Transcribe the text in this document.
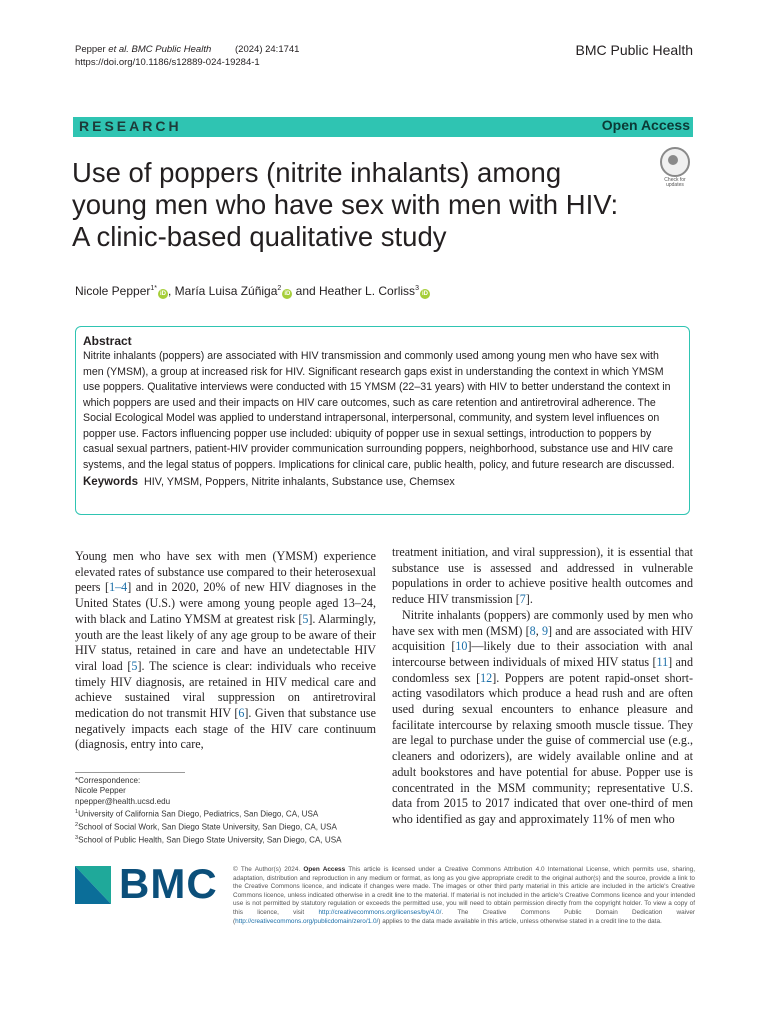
Pepper et al. BMC Public Health	(2024) 24:1741
https://doi.org/10.1186/s12889-024-19284-1
BMC Public Health
RESEARCH	Open Access
Use of poppers (nitrite inhalants) among young men who have sex with men with HIV: A clinic-based qualitative study
Check for
updates
Nicole Pepper$^{1*}$iD , María Luisa Zúñiga$^2$iD and Heather L. Corliss$^3$iD
Abstract

Nitrite inhalants (poppers) are associated with HIV transmission and commonly used among young men who have sex with men (YMSM), a group at increased risk for HIV. Significant research gaps exist in understanding the context in which YMSM use poppers. Qualitative interviews were conducted with 15 YMSM (22–31 years) with HIV to better understand the context in which poppers are used and their impacts on HIV care outcomes, such as care retention and antiretroviral adherence. The Social Ecological Model was applied to understand intrapersonal, interpersonal, community, and system level influences on popper use. Factors influencing popper use included: ubiquity of popper use in sexual settings, introduction to poppers by casual sexual partners, patient-HIV provider communication surrounding poppers, neighborhood, substance use and HIV care systems, and the legal status of poppers. Implications for clinical care, public health, policy, and future research are discussed.

Keywords HIV, YMSM, Poppers, Nitrite inhalants, Substance use, Chemsex

Young men who have sex with men (YMSM) experience elevated rates of substance use compared to their heterosexual peers [1–4] and in 2020, 20% of new HIV diagnoses in the United States (U.S.) were among young people aged 13–24, with black and Latino YMSM at greatest risk [5]. Alarmingly, youth are the least likely of any age group to be aware of their HIV status, retained in care and have an undetectable HIV viral load [5]. The science is clear: individuals who receive timely HIV diagnosis, are retained in HIV medical care and achieve sustained viral suppression on antiretroviral medication do not transmit HIV [6]. Given that substance use negatively impacts each stage of the HIV care continuum (diagnosis, entry into care,

treatment initiation, and viral suppression), it is essential that substance use is assessed and addressed in vulnerable populations in order to achieve positive health outcomes and reduce HIV transmission [7].

Nitrite inhalants (poppers) are commonly used by men who have sex with men (MSM) [8, 9] and are associated with HIV acquisition [10]—likely due to their association with anal intercourse between individuals of mixed HIV status [11] and condomless sex [12]. Poppers are potent rapid-onset short-acting vasodilators which produce a head rush and are often used during sexual encounters to enhance pleasure and facilitate intercourse by relaxing smooth muscle tissue. They are legal to purchase under the guise of commercial use (e.g., cleaners and odorizers), are widely available online and at adult bookstores and have potential for abuse. Popper use is concentrated in the MSM community; representative U.S. data from 2015 to 2017 indicated that over one-third of men who identified as gay and approximately 11% of men who

*Correspondence:
Nicole Pepper
npepper@health.ucsd.edu
$^1$University of California San Diego, Pediatrics, San Diego, CA, USA
$^2$School of Social Work, San Diego State University, San Diego, CA, USA
$^3$School of Public Health, San Diego State University, San Diego, CA, USA
BMC © The Author(s) 2024. Open Access This article is licensed under a Creative Commons Attribution 4.0 International License, which permits use, sharing, adaptation, distribution and reproduction in any medium or format, as long as you give appropriate credit to the original author(s) and the source, provide a link to the Creative Commons licence, and indicate if changes were made. The images or other third party material in this article are included in the article's Creative Commons licence, unless indicated otherwise in a credit line to the material. If material is not included in the article's Creative Commons licence and your intended use is not permitted by statutory regulation or exceeds the permitted use, you will need to obtain permission directly from the copyright holder. To view a copy of this licence, visit http://creativecommons.org/licenses/by/4.0/. The Creative Commons Public Domain Dedication waiver (http://creativecommons.org/publicdomain/zero/1.0/) applies to the data made available in this article, unless otherwise stated in a credit line to the data.
